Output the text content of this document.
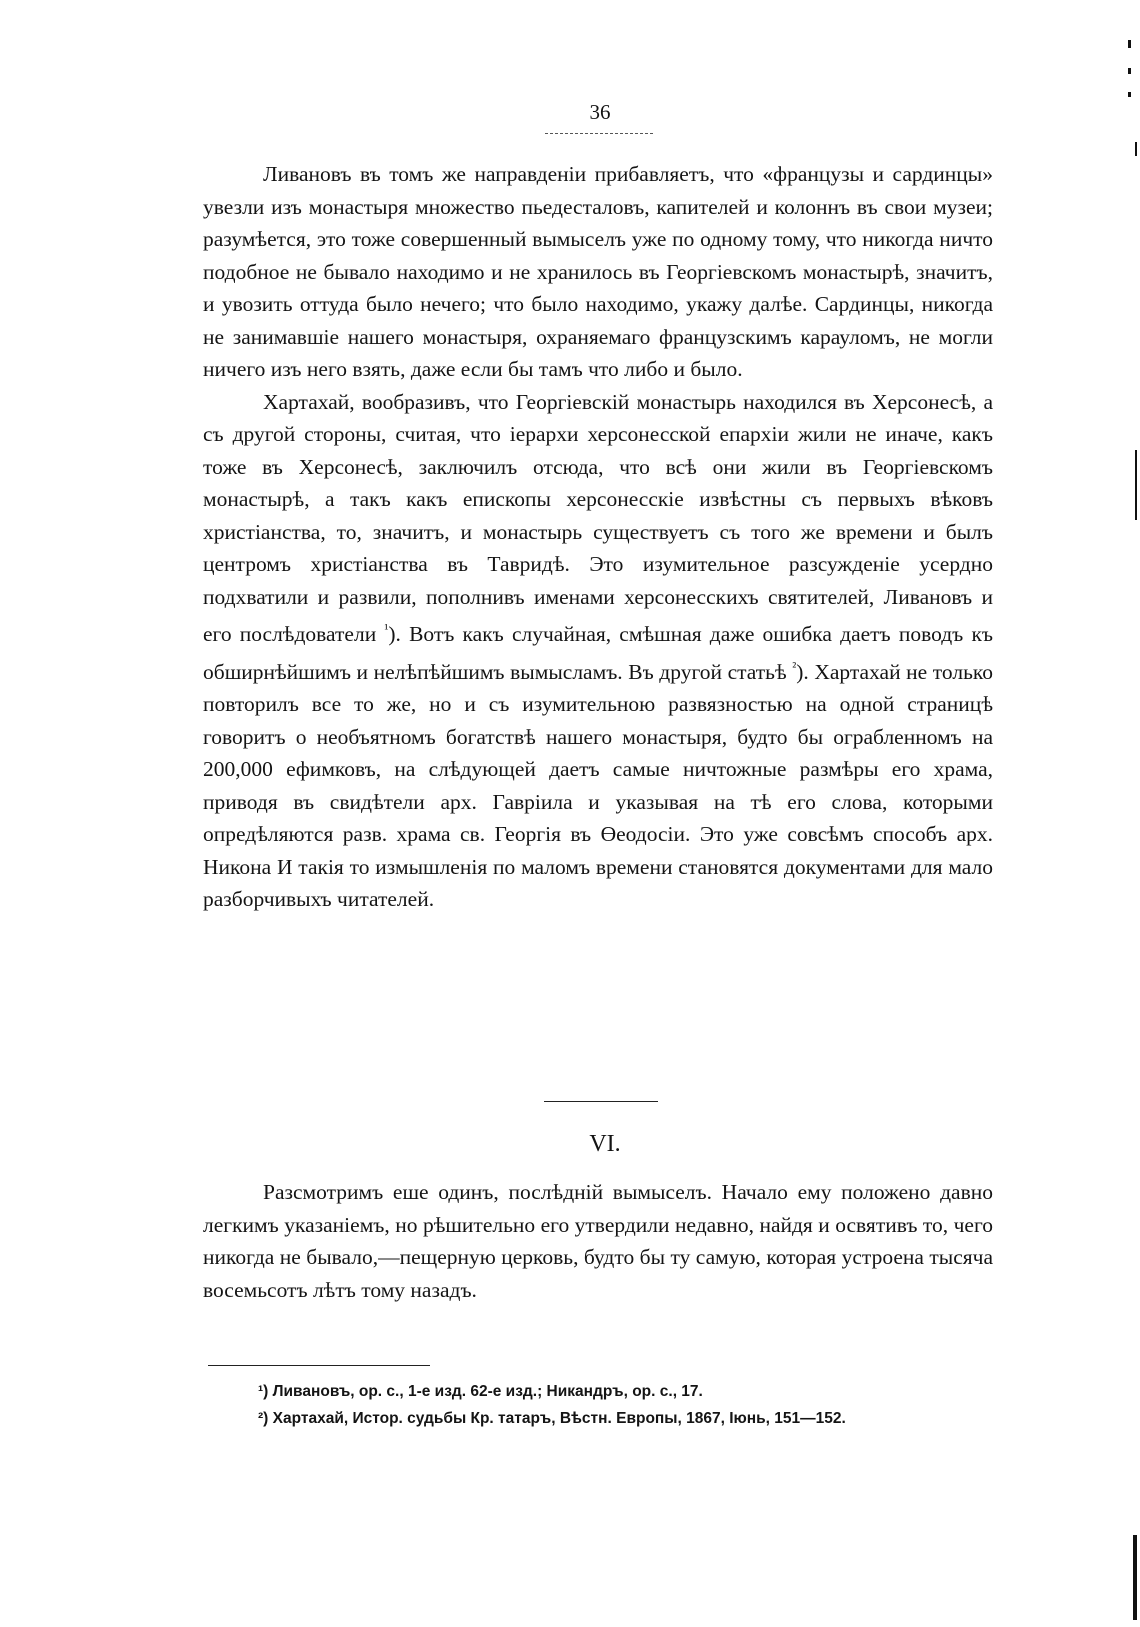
36

Ливановъ въ томъ же направденіи прибавляетъ, что «французы и сардинцы» увезли изъ монастыря множество пьедесталовъ, капителей и колоннъ въ свои музеи; разумѣется, это тоже совершенный вымыселъ уже по одному тому, что никогда ничто подобное не бывало находимо и не хранилось въ Георгіевскомъ монастырѣ, значитъ, и увозить оттуда было нечего; что было находимо, укажу далѣе. Сардинцы, никогда не занимавшіе нашего монастыря, охраняемаго французскимъ карауломъ, не могли ничего изъ него взять, даже если бы тамъ что либо и было.

Хартахай, вообразивъ, что Георгіевскій монастырь находился въ Херсонесѣ, а съ другой стороны, считая, что іерархи херсонесской епархіи жили не иначе, какъ тоже въ Херсонесѣ, заключилъ отсюда, что всѣ они жили въ Георгіевскомъ монастырѣ, а такъ какъ епископы херсонесскіе извѣстны съ первыхъ вѣковъ христіанства, то, значитъ, и монастырь существуетъ съ того же времени и былъ центромъ христіанства въ Тавридѣ. Это изумительное разсужденіе усердно подхватили и развили, пополнивъ именами херсонесскихъ святителей, Ливановъ и его послѣдователи $^{^1}$). Вотъ какъ случайная, смѣшная даже ошибка даетъ поводъ къ обширнѣйшимъ и нелѣпѣйшимъ вымысламъ. Въ другой статьѣ $^{^2}$). Хартахай не только повторилъ все то же, но и съ изумительною развязностью на одной страницѣ говоритъ о необъятномъ богатствѣ нашего монастыря, будто бы ограбленномъ на 200,000 ефимковъ, на слѣдующей даетъ самые ничтожные размѣры его храма, приводя въ свидѣтели арх. Гавріила и указывая на тѣ его слова, которыми опредѣляются разв. храма св. Георгія въ Өеодосіи. Это уже совсѣмъ способъ арх. Никона И такія то измышленія по маломъ времени становятся документами для мало разборчивыхъ читателей.

VI.

Разсмотримъ еше одинъ, послѣдній вымыселъ. Начало ему положено давно легкимъ указаніемъ, но рѣшительно его утвердили недавно, найдя и освятивъ то, чего никогда не бывало,—пещерную церковь, будто бы ту самую, которая устроена тысяча восемьсотъ лѣтъ тому назадъ.

¹) Ливановъ, ор. с., 1-е изд. 62-е изд.; Никандръ, ор. с., 17.

²) Хартахай, Истор. судьбы Кр. татаръ, Вѣстн. Европы, 1867, Іюнь, 151—152.
